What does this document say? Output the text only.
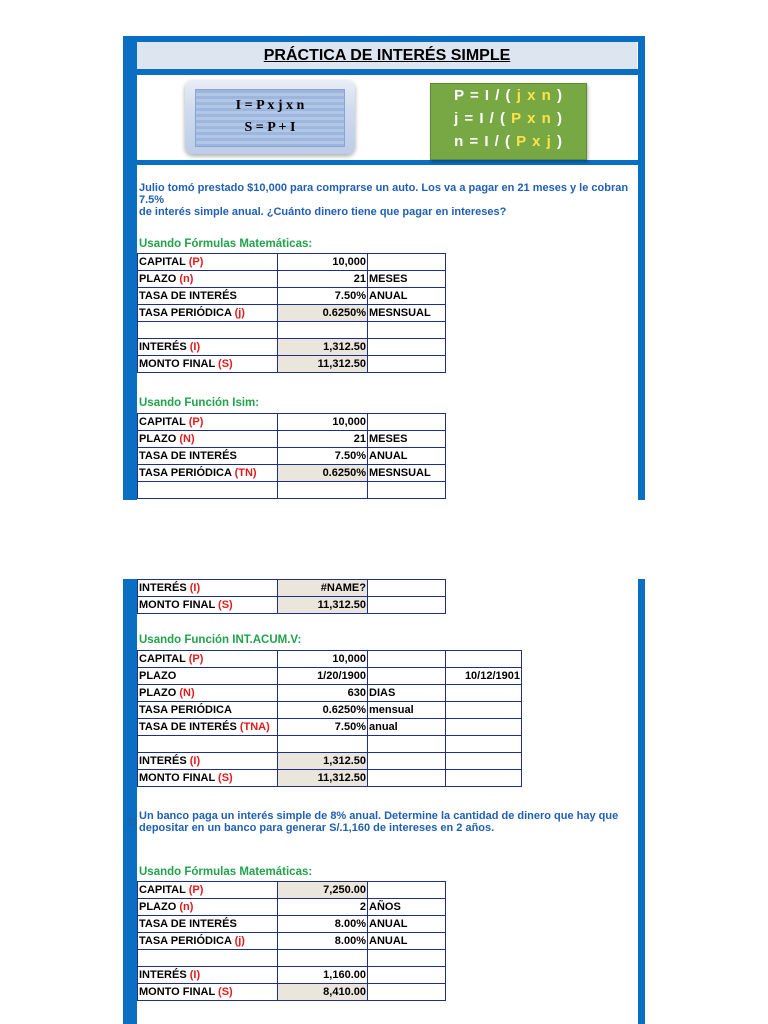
PRÁCTICA DE INTERÉS SIMPLE
I = P x j x n
S = P + I
P = I / ( j x n )
j = I / ( P x n )
n = I / ( P x j )
Julio tomó prestado $10,000 para comprarse un auto. Los va a pagar en 21 meses y le cobran 7.5%
de interés simple anual. ¿Cuánto dinero tiene que pagar en intereses?
Usando Fórmulas Matemáticas:
CAPITAL (P)	10,000	
PLAZO (n)	21	MESES
TASA DE INTERÉS	7.50%	ANUAL
TASA PERIÓDICA (j)	0.6250%	MESNSUAL

INTERÉS (I)	1,312.50	
MONTO FINAL (S)	11,312.50	
Usando Función Isim:
CAPITAL (P)	10,000	
PLAZO (N)	21	MESES
TASA DE INTERÉS	7.50%	ANUAL
TASA PERIÓDICA (TN)	0.6250%	MESNSUAL

INTERÉS (I)	#NAME?	
MONTO FINAL (S)	11,312.50	
Usando Función INT.ACUM.V:
CAPITAL (P)	10,000		
PLAZO	1/20/1900		10/12/1901
PLAZO (N)	630	DIAS	
TASA PERIÓDICA	0.6250%	mensual	
TASA DE INTERÉS (TNA)	7.50%	anual	

INTERÉS (I)	1,312.50		
MONTO FINAL (S)	11,312.50		
2) Un banco paga un interés simple de 8% anual. Determine la cantidad de dinero que hay que
depositar en un banco para generar S/.1,160 de intereses en 2 años.
Usando Fórmulas Matemáticas:
CAPITAL (P)	7,250.00	
PLAZO (n)	2	AÑOS
TASA DE INTERÉS	8.00%	ANUAL
TASA PERIÓDICA (j)	8.00%	ANUAL

INTERÉS (I)	1,160.00	
MONTO FINAL (S)	8,410.00	
